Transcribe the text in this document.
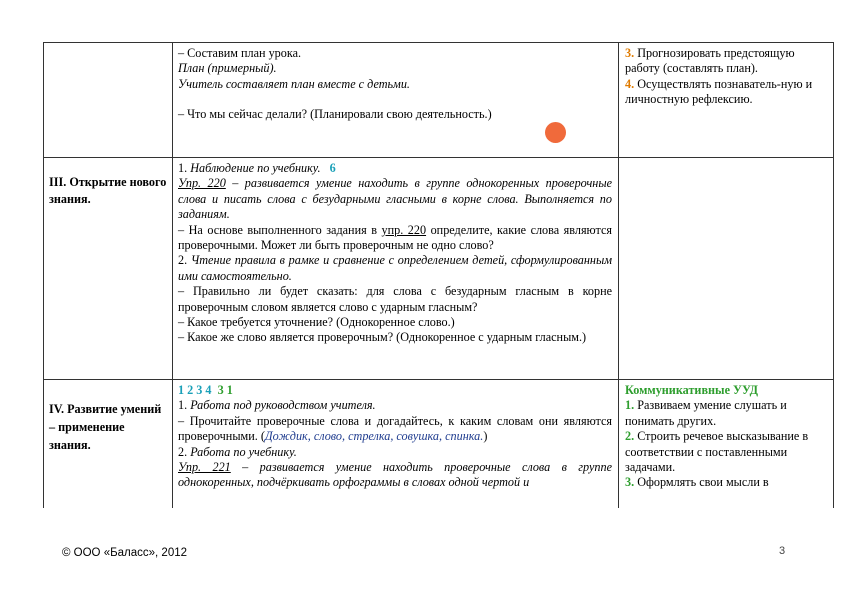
– Составим план урока.
План (примерный).
Учитель составляет план вместе с детьми.
– Что мы сейчас делали? (Планировали свою деятельность.)
3. Прогнозировать предстоящую работу (составлять план).
4. Осуществлять познаватель-ную и личностную рефлексию.
III. Открытие нового знания.
1. Наблюдение по учебнику. 6
Упр. 220 – развивается умение находить в группе однокоренных проверочные слова и писать слова с безударными гласными в корне слова. Выполняется по заданиям.
– На основе выполненного задания в упр. 220 определите, какие слова являются проверочными. Может ли быть проверочным не одно слово?
2. Чтение правила в рамке и сравнение с определением детей, сформулированным ими самостоятельно.
– Правильно ли будет сказать: для слова с безударным гласным в корне проверочным словом является слово с ударным гласным?
– Какое требуется уточнение? (Однокоренное слово.)
– Какое же слово является проверочным? (Однокоренное с ударным гласным.)
IV. Развитие умений – применение знания.
1 2 3 4 3 1
1. Работа под руководством учителя.
– Прочитайте проверочные слова и догадайтесь, к каким словам они являются проверочными. (Дождик, слово, стрелка, совушка, спинка.)
2. Работа по учебнику.
Упр. 221 – развивается умение находить проверочные слова в группе однокоренных, подчёркивать орфограммы в словах одной чертой и
Коммуникативные УУД
1. Развиваем умение слушать и понимать других.
2. Строить речевое высказывание в соответствии с поставленными задачами.
3. Оформлять свои мысли в
© ООО «Баласс», 2012	3
